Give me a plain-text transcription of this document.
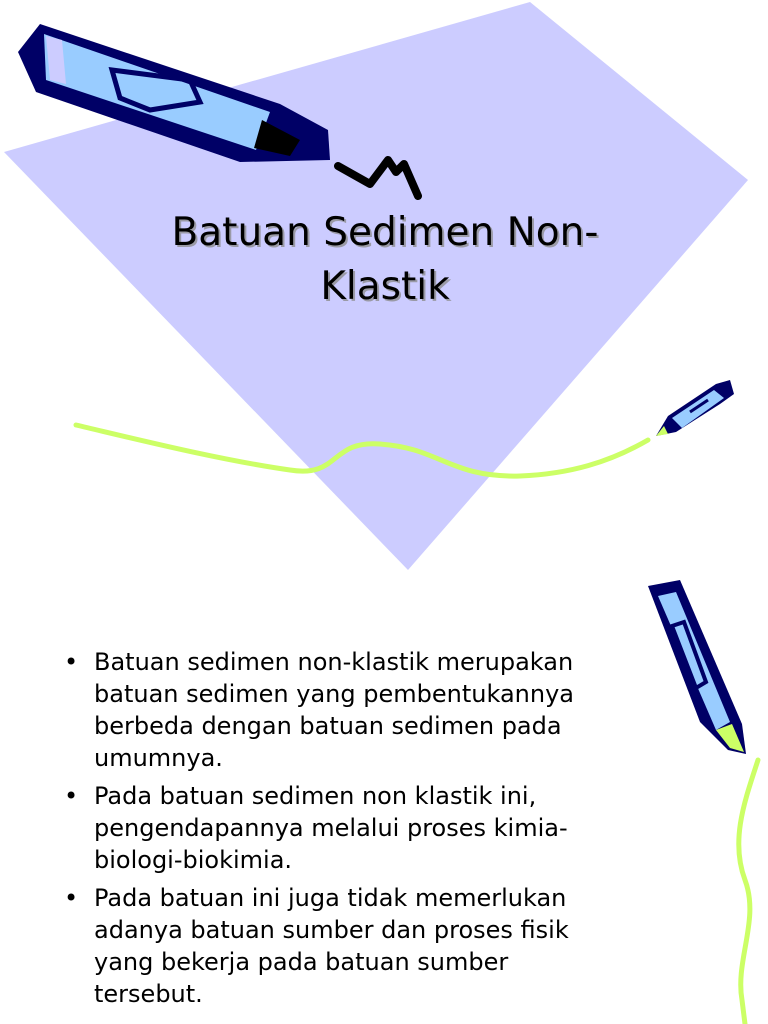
Batuan Sedimen Non-
Klastik
• Batuan sedimen non-klastik merupakan
batuan sedimen yang pembentukannya
berbeda dengan batuan sedimen pada
umumnya.
• Pada batuan sedimen non klastik ini,
pengendapannya melalui proses kimia-
biologi-biokimia.
• Pada batuan ini juga tidak memerlukan
adanya batuan sumber dan proses fisik
yang bekerja pada batuan sumber
tersebut.
